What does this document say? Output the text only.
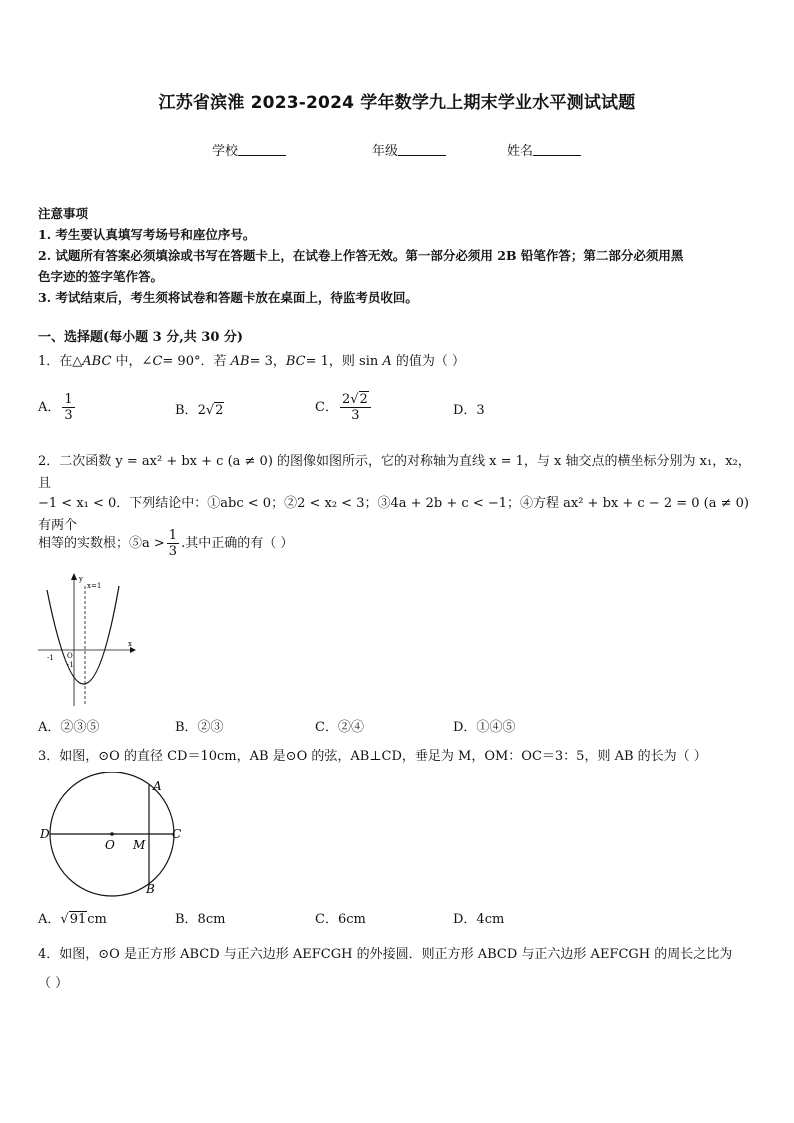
江苏省滨淮 2023-2024 学年数学九上期末学业水平测试试题
学校	年级	姓名
注意事项
1. 考生要认真填写考场号和座位序号。
2. 试题所有答案必须填涂或书写在答题卡上，在试卷上作答无效。第一部分必须用 2B 铅笔作答；第二部分必须用黑
色字迹的签字笔作答。
3. 考试结束后，考生须将试卷和答题卡放在桌面上，待监考员收回。
一、选择题(每小题 3 分,共 30 分)
1．在△ABC 中，∠C= 90°．若 AB= 3，BC= 1，则 sin A 的值为（ ）
A． $\frac{1}{3}$	B．2√2	C． $\frac{2√2}{3}$	D．3
2．二次函数 y = ax² + bx + c (a ≠ 0) 的图像如图所示，它的对称轴为直线 x = 1，与 x 轴交点的横坐标分别为 x₁，x₂，且
−1 < x₁ < 0．下列结论中：①abc < 0；②2 < x₂ < 3；③4a + 2b + c < −1；④方程 ax² + bx + c − 2 = 0 (a ≠ 0) 有两个
相等的实数根；⑤a > $\frac{1}{3}$ .其中正确的有（ ）
y
x
x=1
O
-1
-1
A．②③⑤	B．②③	C．②④	D．①④⑤
3．如图，⊙O 的直径 CD＝10cm，AB 是⊙O 的弦，AB⊥CD，垂足为 M，OM：OC＝3：5，则 AB 的长为（ ）
A
B
C
D
O M
A．√91cm	B．8cm	C．6cm	D．4cm
4．如图，⊙O 是正方形 ABCD 与正六边形 AEFCGH 的外接圆．则正方形 ABCD 与正六边形 AEFCGH 的周长之比为
（ ）
